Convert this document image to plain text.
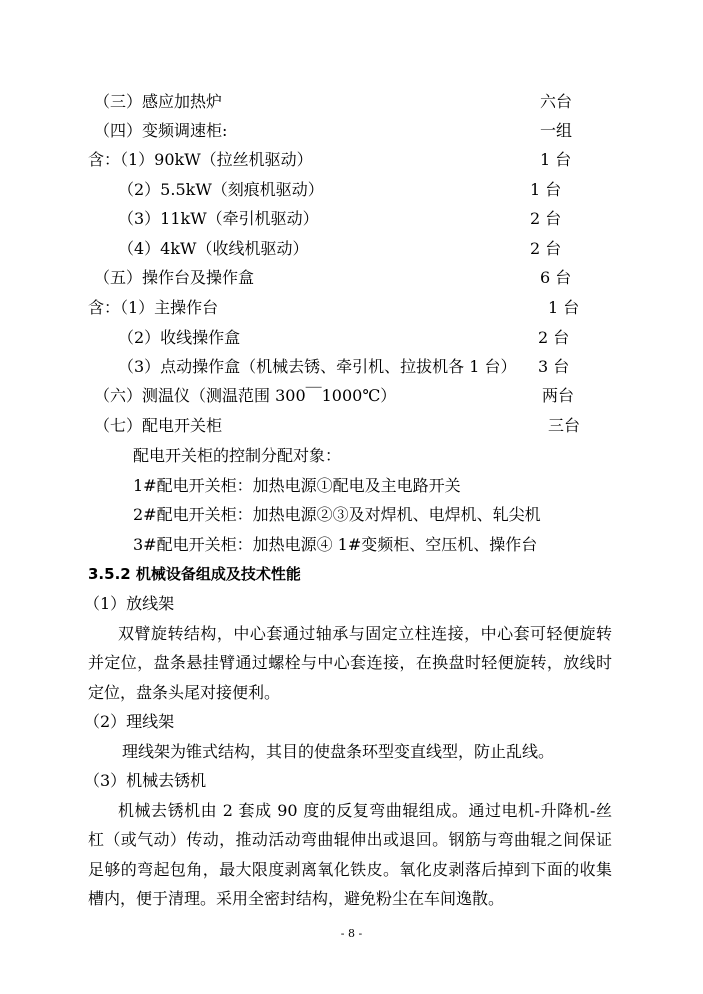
（三）感应加热炉	六台
（四）变频调速柜:	一组
含：（1）90kW（拉丝机驱动）	1 台
（2）5.5kW（刻痕机驱动）	1 台
（3）11kW（牵引机驱动）	2 台
（4）4kW（收线机驱动）	2 台
（五）操作台及操作盒	6 台
含：（1）主操作台	1 台
（2）收线操作盒	2 台
（3）点动操作盒（机械去锈、牵引机、拉拔机各 1 台） 3 台
（六）测温仪（测温范围 300￣1000℃）	两台
（七）配电开关柜	三台
配电开关柜的控制分配对象：
1#配电开关柜：加热电源①配电及主电路开关
2#配电开关柜：加热电源②③及对焊机、电焊机、轧尖机
3#配电开关柜：加热电源④ 1#变频柜、空压机、操作台
3.5.2 机械设备组成及技术性能
（1）放线架
双臂旋转结构，中心套通过轴承与固定立柱连接，中心套可轻便旋转
并定位，盘条悬挂臂通过螺栓与中心套连接，在换盘时轻便旋转，放线时
定位，盘条头尾对接便利。
（2）理线架
理线架为锥式结构，其目的使盘条环型变直线型，防止乱线。
（3）机械去锈机
机械去锈机由 2 套成 90 度的反复弯曲辊组成。通过电机-升降机-丝
杠（或气动）传动，推动活动弯曲辊伸出或退回。钢筋与弯曲辊之间保证
足够的弯起包角，最大限度剥离氧化铁皮。氧化皮剥落后掉到下面的收集
槽内，便于清理。采用全密封结构，避免粉尘在车间逸散。
- 8 -
